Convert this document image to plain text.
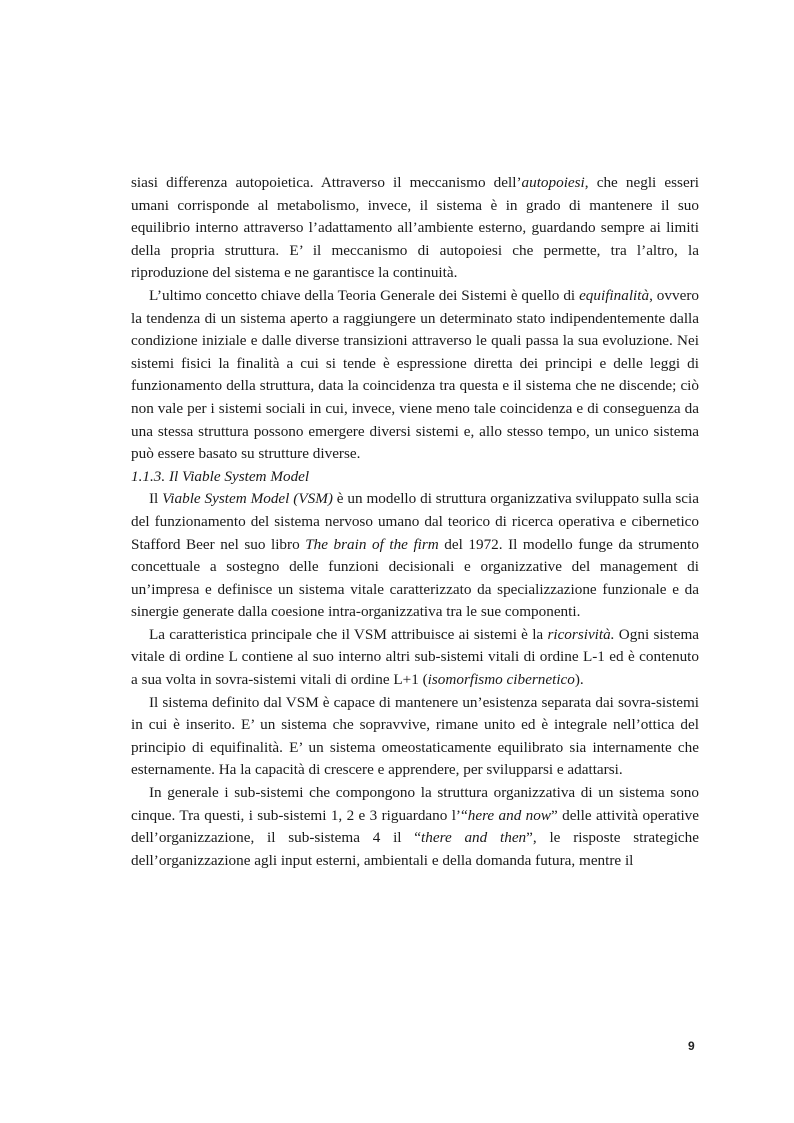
siasi differenza autopoietica. Attraverso il meccanismo dell’autopoiesi, che negli esseri umani corrisponde al metabolismo, invece, il sistema è in grado di mantenere il suo equilibrio interno attraverso l’adattamento all’ambiente esterno, guardando sempre ai limiti della propria struttura. E’ il meccanismo di autopoiesi che permette, tra l’altro, la riproduzione del sistema e ne garantisce la continuità.

L’ultimo concetto chiave della Teoria Generale dei Sistemi è quello di equifinalità, ovvero la tendenza di un sistema aperto a raggiungere un determinato stato indipendentemente dalla condizione iniziale e dalle diverse transizioni attraverso le quali passa la sua evoluzione. Nei sistemi fisici la finalità a cui si tende è espressione diretta dei principi e delle leggi di funzionamento della struttura, data la coincidenza tra questa e il sistema che ne discende; ciò non vale per i sistemi sociali in cui, invece, viene meno tale coincidenza e di conseguenza da una stessa struttura possono emergere diversi sistemi e, allo stesso tempo, un unico sistema può essere basato su strutture diverse.

1.1.3. Il Viable System Model

Il Viable System Model (VSM) è un modello di struttura organizzativa sviluppato sulla scia del funzionamento del sistema nervoso umano dal teorico di ricerca operativa e cibernetico Stafford Beer nel suo libro The brain of the firm del 1972. Il modello funge da strumento concettuale a sostegno delle funzioni decisionali e organizzative del management di un’impresa e definisce un sistema vitale caratterizzato da specializzazione funzionale e da sinergie generate dalla coesione intra-organizzativa tra le sue componenti.

La caratteristica principale che il VSM attribuisce ai sistemi è la ricorsività. Ogni sistema vitale di ordine L contiene al suo interno altri sub-sistemi vitali di ordine L-1 ed è contenuto a sua volta in sovra-sistemi vitali di ordine L+1 (isomorfismo cibernetico).

Il sistema definito dal VSM è capace di mantenere un’esistenza separata dai sovra-sistemi in cui è inserito. E’ un sistema che sopravvive, rimane unito ed è integrale nell’ottica del principio di equifinalità. E’ un sistema omeostaticamente equilibrato sia internamente che esternamente. Ha la capacità di crescere e apprendere, per svilupparsi e adattarsi.

In generale i sub-sistemi che compongono la struttura organizzativa di un sistema sono cinque. Tra questi, i sub-sistemi 1, 2 e 3 riguardano l’“here and now” delle attività operative dell’organizzazione, il sub-sistema 4 il “there and then”, le risposte strategiche dell’organizzazione agli input esterni, ambientali e della domanda futura, mentre il

9
